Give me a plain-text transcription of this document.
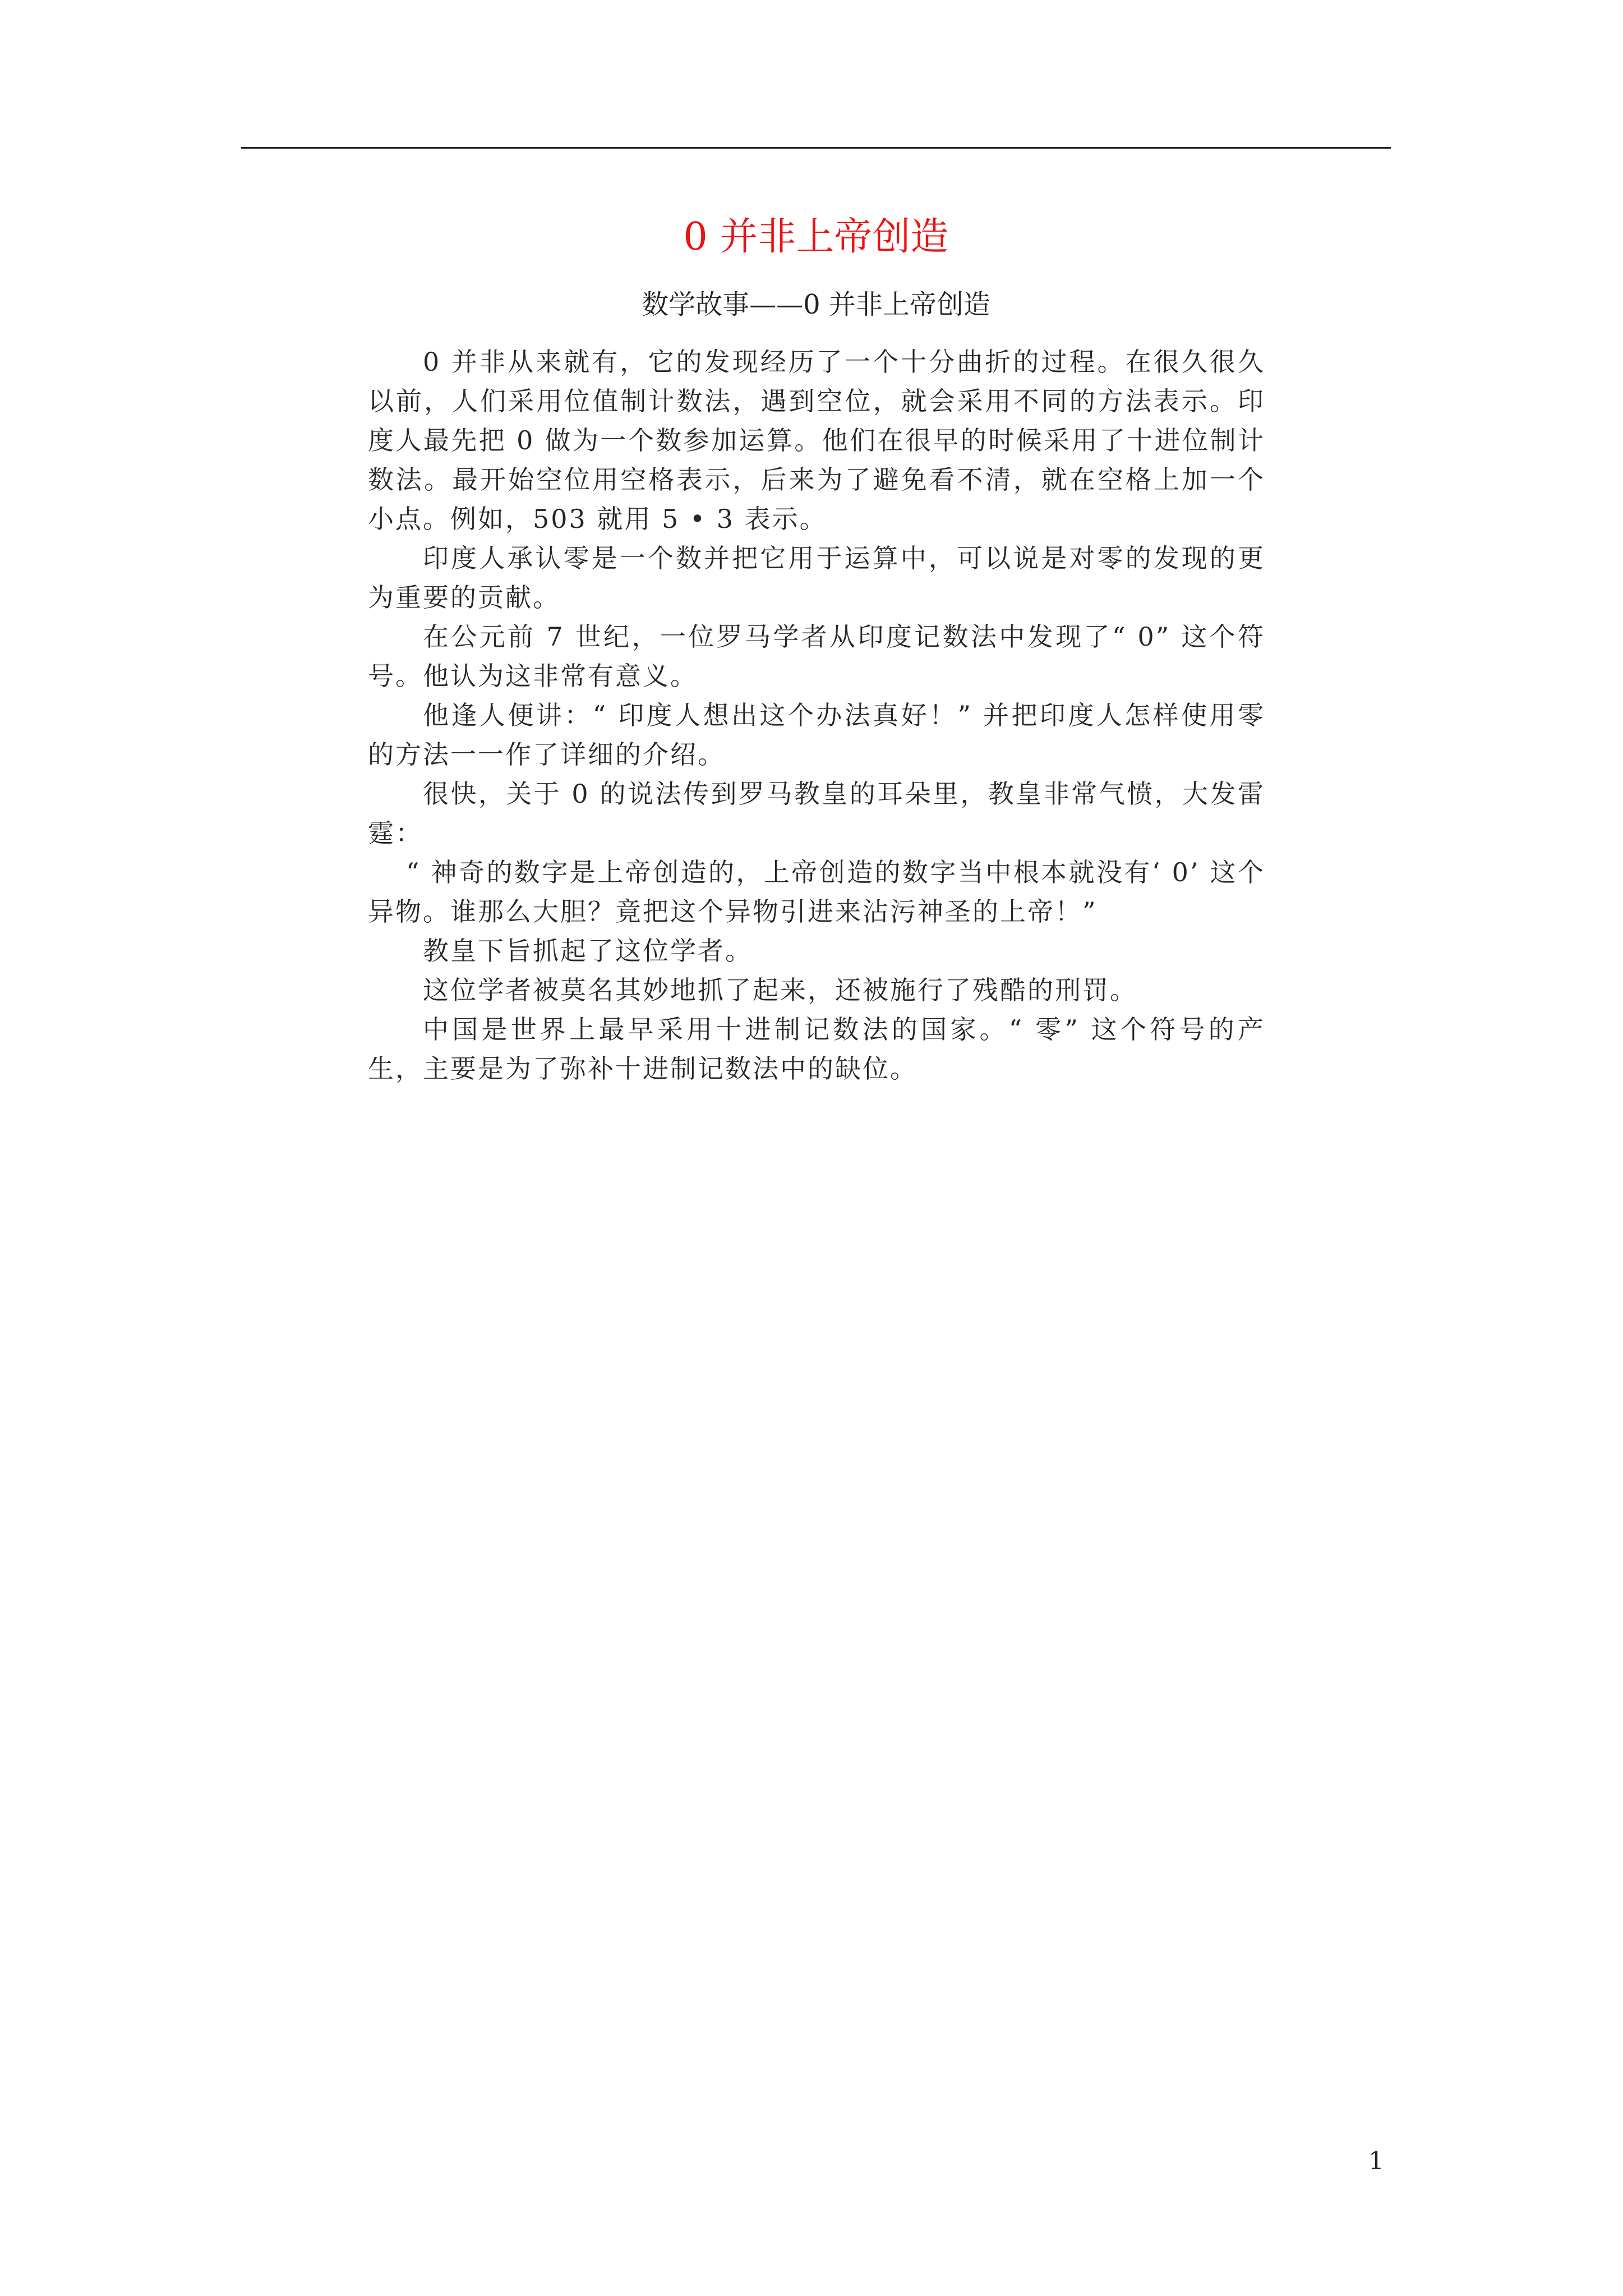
0 并非上帝创造

数学故事——0 并非上帝创造

0 并非从来就有，它的发现经历了一个十分曲折的过程。在很久很久以前，人们采用位值制计数法，遇到空位，就会采用不同的方法表示。印度人最先把 0 做为一个数参加运算。他们在很早的时候采用了十进位制计数法。最开始空位用空格表示，后来为了避免看不清，就在空格上加一个小点。例如，503 就用 5 • 3 表示。

印度人承认零是一个数并把它用于运算中，可以说是对零的发现的更为重要的贡献。

在公元前 7 世纪，一位罗马学者从印度记数法中发现了“ 0” 这个符号。他认为这非常有意义。

他逢人便讲：“ 印度人想出这个办法真好！” 并把印度人怎样使用零的方法一一作了详细的介绍。

很快，关于 0 的说法传到罗马教皇的耳朵里，教皇非常气愤，大发雷霆：

“ 神奇的数字是上帝创造的，上帝创造的数字当中根本就没有‘ 0’ 这个异物。谁那么大胆？竟把这个异物引进来沾污神圣的上帝！”

教皇下旨抓起了这位学者。

这位学者被莫名其妙地抓了起来，还被施行了残酷的刑罚。

中国是世界上最早采用十进制记数法的国家。“ 零” 这个符号的产生，主要是为了弥补十进制记数法中的缺位。

1
